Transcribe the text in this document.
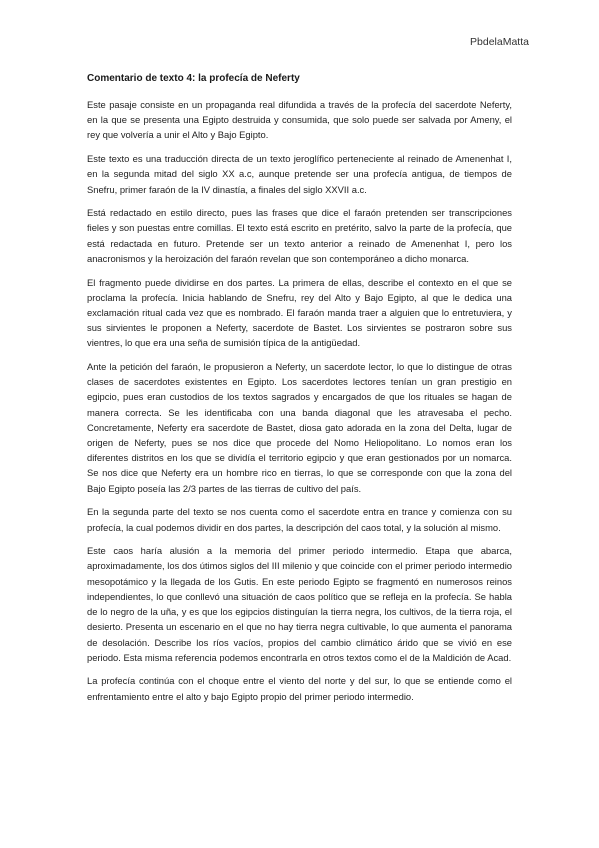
PbdelaMatta
Comentario de texto 4: la profecía de Neferty

Este pasaje consiste en un propaganda real difundida a través de la profecía del sacerdote Neferty, en la que se presenta una Egipto destruida y consumida, que solo puede ser salvada por Ameny, el rey que volvería a unir el Alto y Bajo Egipto.

Este texto es una traducción directa de un texto jeroglífico perteneciente al reinado de Amenenhat I, en la segunda mitad del siglo XX a.c, aunque pretende ser una profecía antigua, de tiempos de Snefru, primer faraón de la IV dinastía, a finales del siglo XXVII a.c.

Está redactado en estilo directo, pues las frases que dice el faraón pretenden ser transcripciones fieles y son puestas entre comillas. El texto está escrito en pretérito, salvo la parte de la profecía, que está redactada en futuro. Pretende ser un texto anterior a reinado de Amenenhat I, pero los anacronismos y la heroización del faraón revelan que son contemporáneo a dicho monarca.

El fragmento puede dividirse en dos partes. La primera de ellas, describe el contexto en el que se proclama la profecía. Inicia hablando de Snefru, rey del Alto y Bajo Egipto, al que le dedica una exclamación ritual cada vez que es nombrado. El faraón manda traer a alguien que lo entretuviera, y sus sirvientes le proponen a Neferty, sacerdote de Bastet. Los sirvientes se postraron sobre sus vientres, lo que era una seña de sumisión típica de la antigüedad.

Ante la petición del faraón, le propusieron a Neferty, un sacerdote lector, lo que lo distingue de otras clases de sacerdotes existentes en Egipto. Los sacerdotes lectores tenían un gran prestigio en egipcio, pues eran custodios de los textos sagrados y encargados de que los rituales se hagan de manera correcta. Se les identificaba con una banda diagonal que les atravesaba el pecho. Concretamente, Neferty era sacerdote de Bastet, diosa gato adorada en la zona del Delta, lugar de origen de Neferty, pues se nos dice que procede del Nomo Heliopolitano. Lo nomos eran los diferentes distritos en los que se dividía el territorio egipcio y que eran gestionados por un nomarca. Se nos dice que Neferty era un hombre rico en tierras, lo que se corresponde con que la zona del Bajo Egipto poseía las 2/3 partes de las tierras de cultivo del país.

En la segunda parte del texto se nos cuenta como el sacerdote entra en trance y comienza con su profecía, la cual podemos dividir en dos partes, la descripción del caos total, y la solución al mismo.

Este caos haría alusión a la memoria del primer periodo intermedio. Etapa que abarca, aproximadamente, los dos útimos siglos del III milenio y que coincide con el primer periodo intermedio mesopotámico y la llegada de los Gutis. En este periodo Egipto se fragmentó en numerosos reinos independientes, lo que conllevó una situación de caos político que se refleja en la profecía. Se habla de lo negro de la uña, y es que los egipcios distinguían la tierra negra, los cultivos, de la tierra roja, el desierto. Presenta un escenario en el que no hay tierra negra cultivable, lo que aumenta el panorama de desolación. Describe los ríos vacíos, propios del cambio climático árido que se vivió en ese periodo. Esta misma referencia podemos encontrarla en otros textos como el de la Maldición de Acad.

La profecía continúa con el choque entre el viento del norte y del sur, lo que se entiende como el enfrentamiento entre el alto y bajo Egipto propio del primer periodo intermedio.
